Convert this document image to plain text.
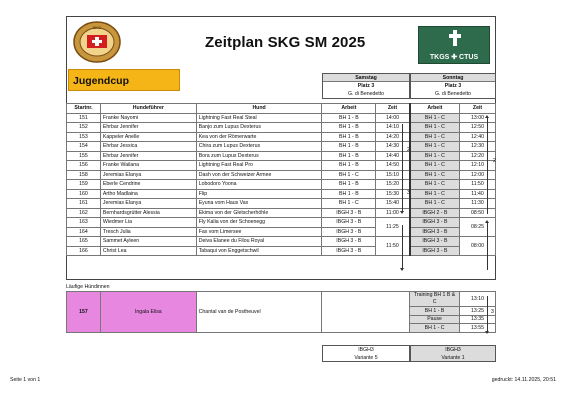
SKG
Zeitplan SKG SM 2025
TKGS ✚ CTUS
Jugendcup	Samstag
Platz 3
G. di Benedetto
Sonntag
Platz 3
G. di Benedetto
Startnr.	Hundeführer	Hund	Arbeit	Zeit	Arbeit	Zeit
151	Franke Nayomi	Lightning Fast Real Steal	BH 1 - B	14:00	BH 1 - C	13:00
152	Ehrbar Jennifer	Banjo zum Lupus Dexterus	BH 1 - B	14:10	BH 1 - C	12:50
153	Kappeler Anelle	Kea von der Römerwarte	BH 1 - B	14:20	BH 1 - C	12:40
154	Ehrbar Jessica	Chira zum Lupus Dexterus	BH 1 - B	14:30	BH 1 - C	12:30
155	Ehrbar Jennifer	Bora zum Lupus Dexterus	BH 1 - B	14:40	BH 1 - C	12:20
156	Franke Wailana	Lightning Fast Real Pro	BH 1 - B	14:50	BH 1 - C	12:10
158	Jeremias Elanya	Dash von der Schweizer Armee	BH 1 - C	15:10	BH 1 - C	12:00
159	Eberle Cendrine	Lobodoro Yoona	BH 1 - B	15:20	BH 1 - C	11:50
160	Artho Madlaina	Flip	BH 1 - B	15:30	BH 1 - C	11:40
161	Jeremias Elanya	Eyuna vom Haus Vax	BH 1 - C	15:40	BH 1 - C	11:30
162	Bernhardsgrütter Alessia	Ekima von der Gletscherhöhle	IBGH 3 - B	11:00	IBGH 2 - B	08:50
163	Wiedmer Lia	Fly Kalia von der Schoenegg	IBGH 3 - B	11:25	IBGH 3 - B	08:25
164	Tresch Julia	Fax vom Limersee	IBGH 3 - B		IBGH 3 - B	
165	Sammet Ayleen	Deiva Elanee du Filou Royal	IBGH 3 - B	11:50	IBGH 3 - B	08:00
166	Christ Lea	Tabaqui von Enggetschwil	IBGH 3 - B		IBGH 3 - B	
2
3
2
Läufige Hündinnen
157	Ingala Elisa	Chantal van de Postheuvel		Training BH 1 B & C	13:10

				BH 1 - B	13:25
				Pause	13:35
				BH 1 - C	13:55
3
IBGH3
Variante 5
IBGH3
Variante 1
Seite 1 von 1	gedruckt: 14.11.2025, 20:51
